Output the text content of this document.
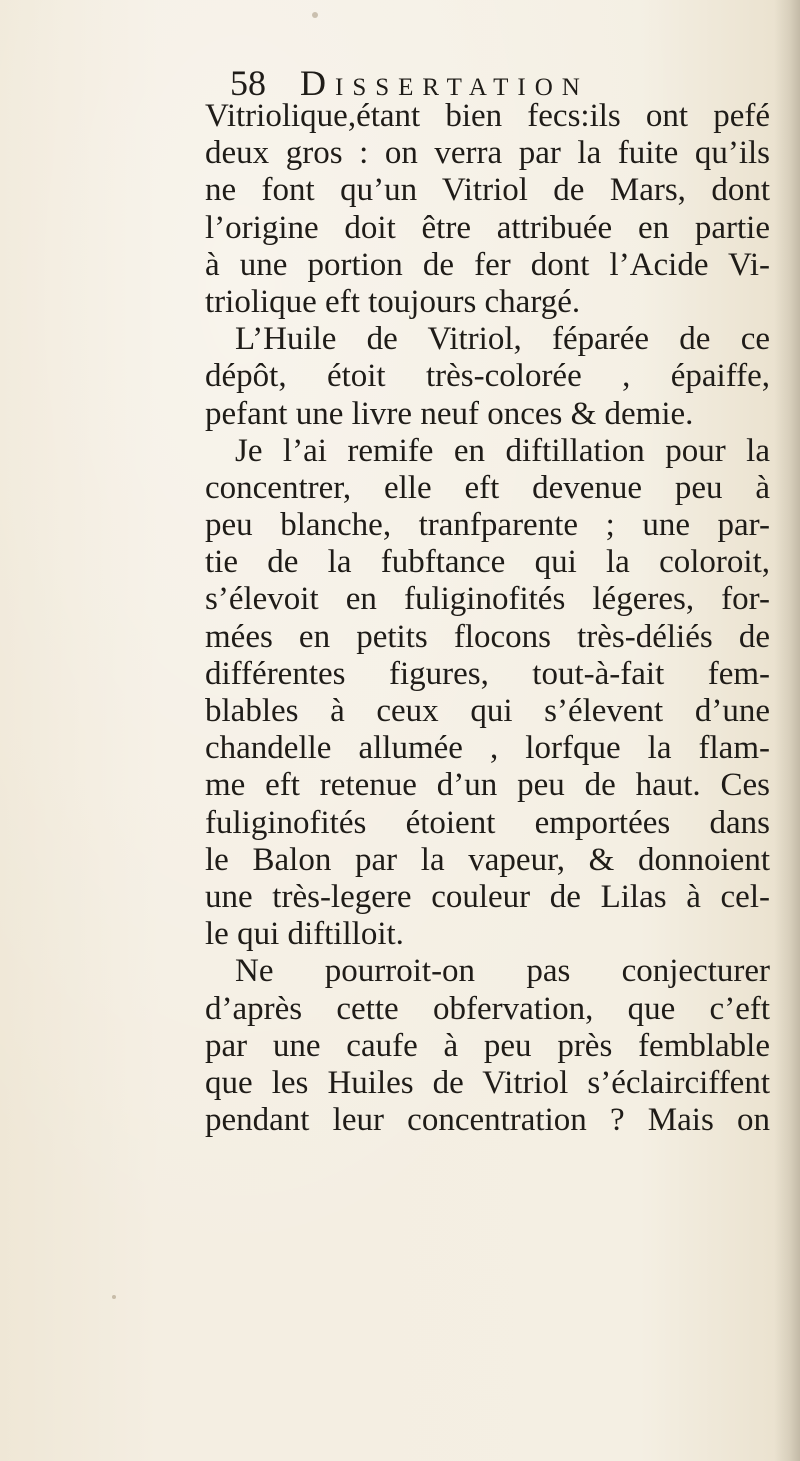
58 Dissertation
Vitriolique,étant bien fecs:ils ont pefé
deux gros : on verra par la fuite qu’ils
ne font qu’un Vitriol de Mars, dont
l’origine doit être attribuée en partie
à une portion de fer dont l’Acide Vi-
triolique eft toujours chargé.
L’Huile de Vitriol, féparée de ce
dépôt, étoit très-colorée , épaiffe,
pefant une livre neuf onces & demie.
Je l’ai remife en diftillation pour la
concentrer, elle eft devenue peu à
peu blanche, tranfparente ; une par-
tie de la fubftance qui la coloroit,
s’élevoit en fuliginofités légeres, for-
mées en petits flocons très-déliés de
différentes figures, tout-à-fait fem-
blables à ceux qui s’élevent d’une
chandelle allumée , lorfque la flam-
me eft retenue d’un peu de haut. Ces
fuliginofités étoient emportées dans
le Balon par la vapeur, & donnoient
une très-legere couleur de Lilas à cel-
le qui diftilloit.
Ne pourroit-on pas conjecturer
d’après cette obfervation, que c’eft
par une caufe à peu près femblable
que les Huiles de Vitriol s’éclairciffent
pendant leur concentration ? Mais on
